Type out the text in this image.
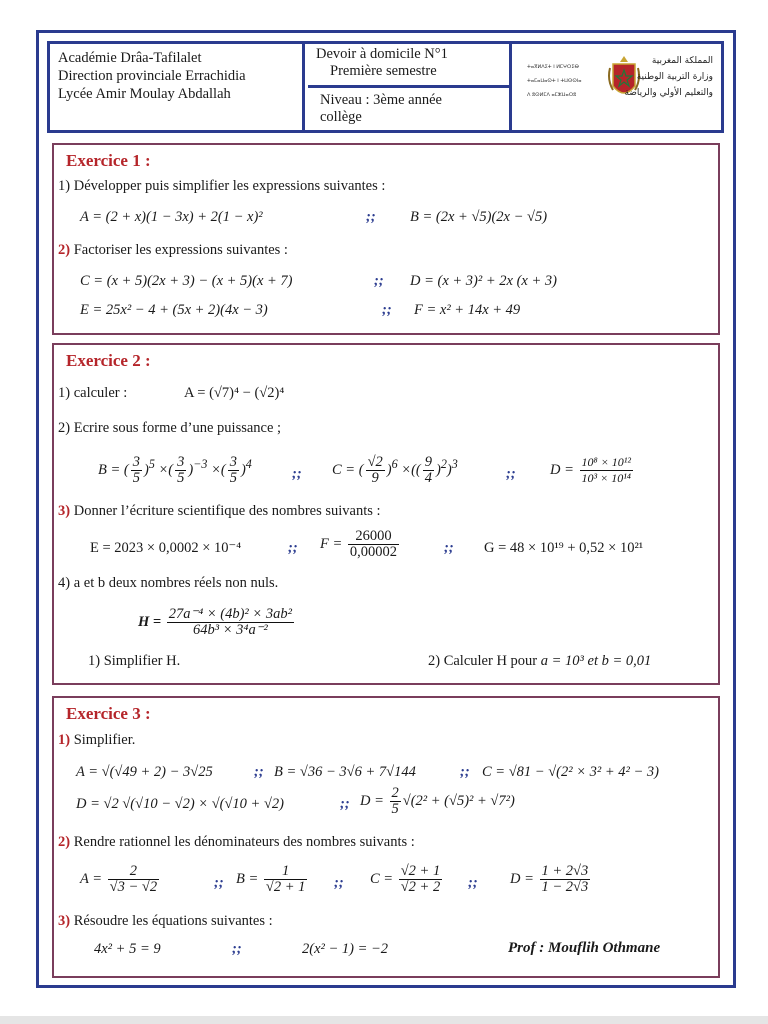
Académie Drâa-Tafilalet
Direction provinciale Errachidia
Lycée Amir Moulay Abdallah
Devoir à domicile N°1
Première semestre
Niveau : 3ème année
collège
ⵜⴰⴳⵍⴷⵉⵜ ⵏ ⵍⵎⵖⵔⵉⴱ
ⵜⴰⵎⴰⵡⴰⵙⵜ ⵏ ⵜⵡⵙⵙⵏⴰ
ⴷ ⵓⵙⵍⵎⴷ ⴰⵎⵣⵡⴰⵔⵓ
المملكة المغربية
وزارة التربية الوطنية
والتعليم الأولي والرياضة
Exercice 1 :
1) Développer puis simplifier les expressions suivantes :
A = (2 + x)(1 − 3x) + 2(1 − x)²	;; B = (2x + √5)(2x − √5)
2) Factoriser les expressions suivantes :
C = (x + 5)(2x + 3) − (x + 5)(x + 7)	;; D = (x + 3)² + 2x (x + 3)
E = 25x² − 4 + (5x + 2)(4x − 3)	;; F = x² + 14x + 49
Exercice 2 :
1) calculer :	A = (√7)⁴ − (√2)⁴
2) Ecrire sous forme d’une puissance ;
B = ( $\frac{3}{5} )^5$ ×( $\frac{3}{5} )^{-3}$ ×( $\frac{3}{5} )^4$
;; C = ( $\frac{√2}{9} )^6$ ×(( $\frac{9}{4} )^2)^3$
;; $D = \frac{\text{10⁸ × 10¹²}}{\text{10³ × 10¹⁴}}$
3) Donner l’écriture scientifique des nombres suivants :
E = 2023 × 0,0002 × 10⁻⁴	;; $F = \frac{26000}{0,00002}$	;; G = 48 × 10¹⁹ + 0,52 × 10²¹
4) a et b deux nombres réels non nuls.
$H = \frac{\text{27a⁻⁴ × (4b)² × 3ab²}}{\text{64b³ × 3⁴a⁻²}}$
1) Simplifier H.	2) Calculer H pour a = 10³ et b = 0,01
Exercice 3 :
1) Simplifier.
A = √(√49 + 2) − 3√25	;; B = √36 − 3√6 + 7√144	;; C = √81 − √(2² × 3² + 4² − 3)
D = √2 √(√10 − √2) × √(√10 + √2)	;; $D = \frac{2}{5} √(2^2 + (√5)^2 + √7^2)$
2) Rendre rationnel les dénominateurs des nombres suivants :
$A = \frac{2}{√3 - √2}$	;; $B = \frac{1}{√2 + 1}$ ;; $C = \frac{√2 + 1}{√2 + 2}$ ;; $D = \frac{1 + 2√3}{1 - 2√3}$
3) Résoudre les équations suivantes :
4x² + 5 = 9	;;	2(x² − 1) = −2	Prof : Mouflih Othmane
